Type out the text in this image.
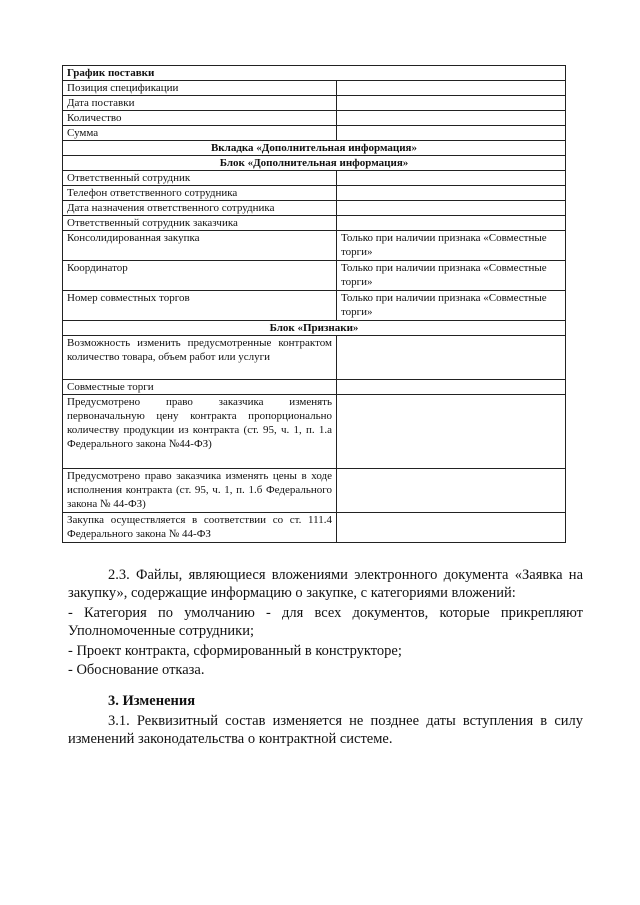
График поставки	
Позиция спецификации	
Дата поставки	
Количество	
Сумма	
Вкладка «Дополнительная информация»	
Блок «Дополнительная информация»	
Ответственный сотрудник	
Телефон ответственного сотрудника	
Дата назначения ответственного сотрудника	
Ответственный сотрудник заказчика	
Консолидированная закупка	Только при наличии признака «Совместные торги»
Координатор	Только при наличии признака «Совместные торги»
Номер совместных торгов	Только при наличии признака «Совместные торги»
Блок «Признаки»	
Возможность изменить предусмотренные контрактом количество товара, объем работ или услуги	
Совместные торги	
Предусмотрено право заказчика изменять первоначальную цену контракта пропорционально количеству продукции из контракта (ст. 95, ч. 1, п. 1.а Федерального закона №44-ФЗ)	
Предусмотрено право заказчика изменять цены в ходе исполнения контракта (ст. 95, ч. 1, п. 1.б Федерального закона № 44-ФЗ)	
Закупка осуществляется в соответствии со ст. 111.4 Федерального закона № 44-ФЗ	

2.3. Файлы, являющиеся вложениями электронного документа «Заявка на закупку», содержащие информацию о закупке, с категориями вложений:

- Категория по умолчанию - для всех документов, которые прикрепляют Уполномоченные сотрудники;

- Проект контракта, сформированный в конструкторе;

- Обоснование отказа.

3. Изменения

3.1. Реквизитный состав изменяется не позднее даты вступления в силу изменений законодательства о контрактной системе.
